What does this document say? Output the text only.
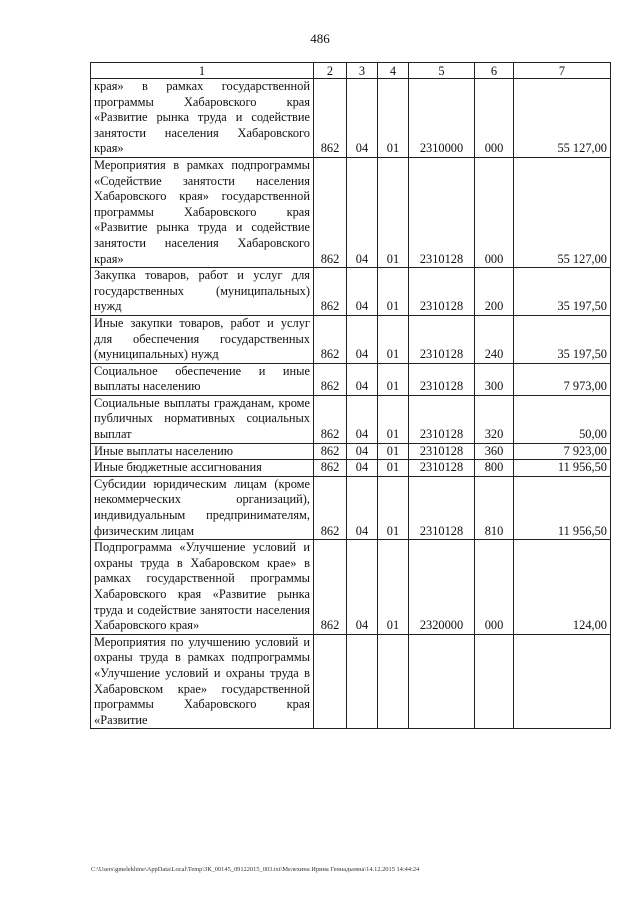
486
1	2	3	4	5	6	7
края» в рамках государственной программы Хабаровского края «Развитие рынка труда и содействие занятости населения Хабаровского края»	862	04	01	2310000	000	55 127,00
Мероприятия в рамках подпрограммы «Содействие занятости населения Хабаровского края» государственной программы Хабаровского края «Развитие рынка труда и содействие занятости населения Хабаровского края»	862	04	01	2310128	000	55 127,00
Закупка товаров, работ и услуг для государственных (муниципальных) нужд	862	04	01	2310128	200	35 197,50
Иные закупки товаров, работ и услуг для обеспечения государственных (муниципальных) нужд	862	04	01	2310128	240	35 197,50
Социальное обеспечение и иные выплаты населению	862	04	01	2310128	300	7 973,00
Социальные выплаты гражданам, кроме публичных нормативных социальных выплат	862	04	01	2310128	320	50,00
Иные выплаты населению	862	04	01	2310128	360	7 923,00
Иные бюджетные ассигнования	862	04	01	2310128	800	11 956,50
Субсидии юридическим лицам (кроме некоммерческих организаций), индивидуальным предпринимателям, физическим лицам	862	04	01	2310128	810	11 956,50
Подпрограмма «Улучшение условий и охраны труда в Хабаровском крае» в рамках государственной программы Хабаровского края «Развитие рынка труда и содействие занятости населения Хабаровского края»	862	04	01	2320000	000	124,00
Мероприятия по улучшению условий и охраны труда в рамках подпрограммы «Улучшение условий и охраны труда в Хабаровском крае» государственной программы Хабаровского края «Развитие						
C:\Users\gmelekhine\AppData\Local\Temp\ЗК_00145_09122015_003.txt\Мелехина Ирина Геннадьевна\14.12.2015 14:44:24
